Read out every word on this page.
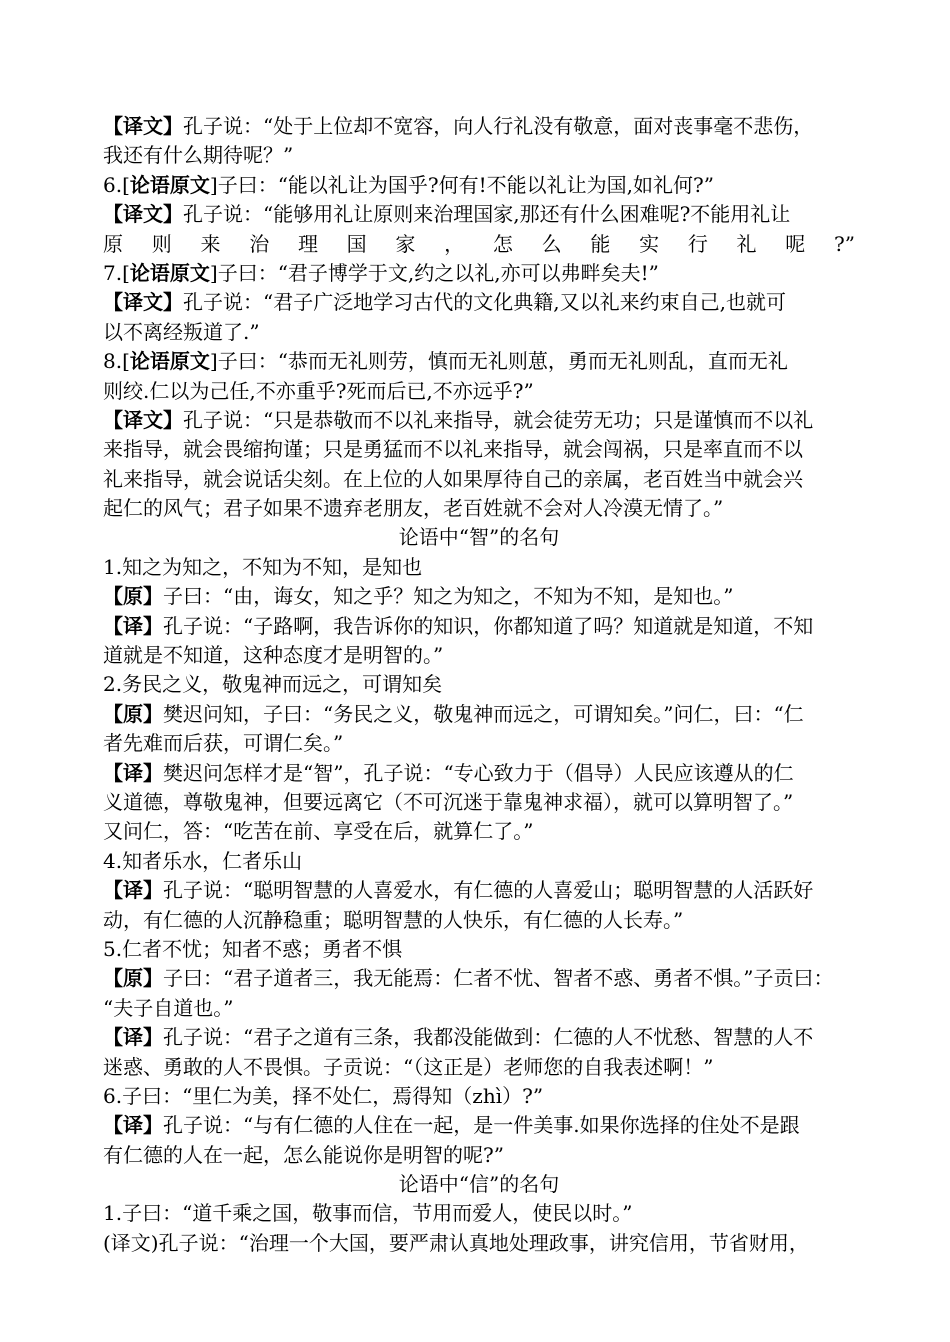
【译文】孔子说：“处于上位却不宽容，向人行礼没有敬意，面对丧事毫不悲伤，
我还有什么期待呢？”
6.[论语原文]子曰：“能以礼让为国乎?何有!不能以礼让为国,如礼何?”
【译文】孔子说：“能够用礼让原则来治理国家,那还有什么困难呢?不能用礼让
原 则 来 治 理 国 家 ， 怎 么 能 实 行 礼 呢 ?”
7.[论语原文]子曰：“君子博学于文,约之以礼,亦可以弗畔矣夫!”
【译文】孔子说：“君子广泛地学习古代的文化典籍,又以礼来约束自己,也就可
以不离经叛道了.”
8.[论语原文]子曰：“恭而无礼则劳，慎而无礼则葸，勇而无礼则乱，直而无礼
则绞.仁以为己任,不亦重乎?死而后已,不亦远乎?”
【译文】孔子说：“只是恭敬而不以礼来指导，就会徒劳无功；只是谨慎而不以礼
来指导，就会畏缩拘谨；只是勇猛而不以礼来指导，就会闯祸，只是率直而不以
礼来指导，就会说话尖刻。在上位的人如果厚待自己的亲属，老百姓当中就会兴
起仁的风气；君子如果不遗弃老朋友，老百姓就不会对人冷漠无情了。”
论语中“智”的名句
1.知之为知之，不知为不知，是知也
【原】子曰：“由，诲女，知之乎？知之为知之，不知为不知，是知也。”
【译】孔子说：“子路啊，我告诉你的知识，你都知道了吗？知道就是知道，不知
道就是不知道，这种态度才是明智的。”
2.务民之义，敬鬼神而远之，可谓知矣
【原】樊迟问知，子曰：“务民之义，敬鬼神而远之，可谓知矣。”问仁，曰：“仁
者先难而后获，可谓仁矣。”
【译】樊迟问怎样才是“智”，孔子说：“专心致力于（倡导）人民应该遵从的仁
义道德，尊敬鬼神，但要远离它（不可沉迷于靠鬼神求福），就可以算明智了。”
又问仁，答：“吃苦在前、享受在后，就算仁了。”
4.知者乐水，仁者乐山
【译】孔子说：“聪明智慧的人喜爱水，有仁德的人喜爱山；聪明智慧的人活跃好
动，有仁德的人沉静稳重；聪明智慧的人快乐，有仁德的人长寿。”
5.仁者不忧；知者不惑；勇者不惧
【原】子曰：“君子道者三，我无能焉：仁者不忧、智者不惑、勇者不惧。”子贡曰：
“夫子自道也。”
【译】孔子说：“君子之道有三条，我都没能做到：仁德的人不忧愁、智慧的人不
迷惑、勇敢的人不畏惧。子贡说：“（这正是）老师您的自我表述啊！”
6.子曰：“里仁为美，择不处仁，焉得知（zhì）?”
【译】孔子说：“与有仁德的人住在一起，是一件美事.如果你选择的住处不是跟
有仁德的人在一起，怎么能说你是明智的呢?”
论语中“信”的名句
1.子曰：“道千乘之国，敬事而信，节用而爱人，使民以时。”
(译文)孔子说：“治理一个大国，要严肃认真地处理政事，讲究信用，节省财用，
